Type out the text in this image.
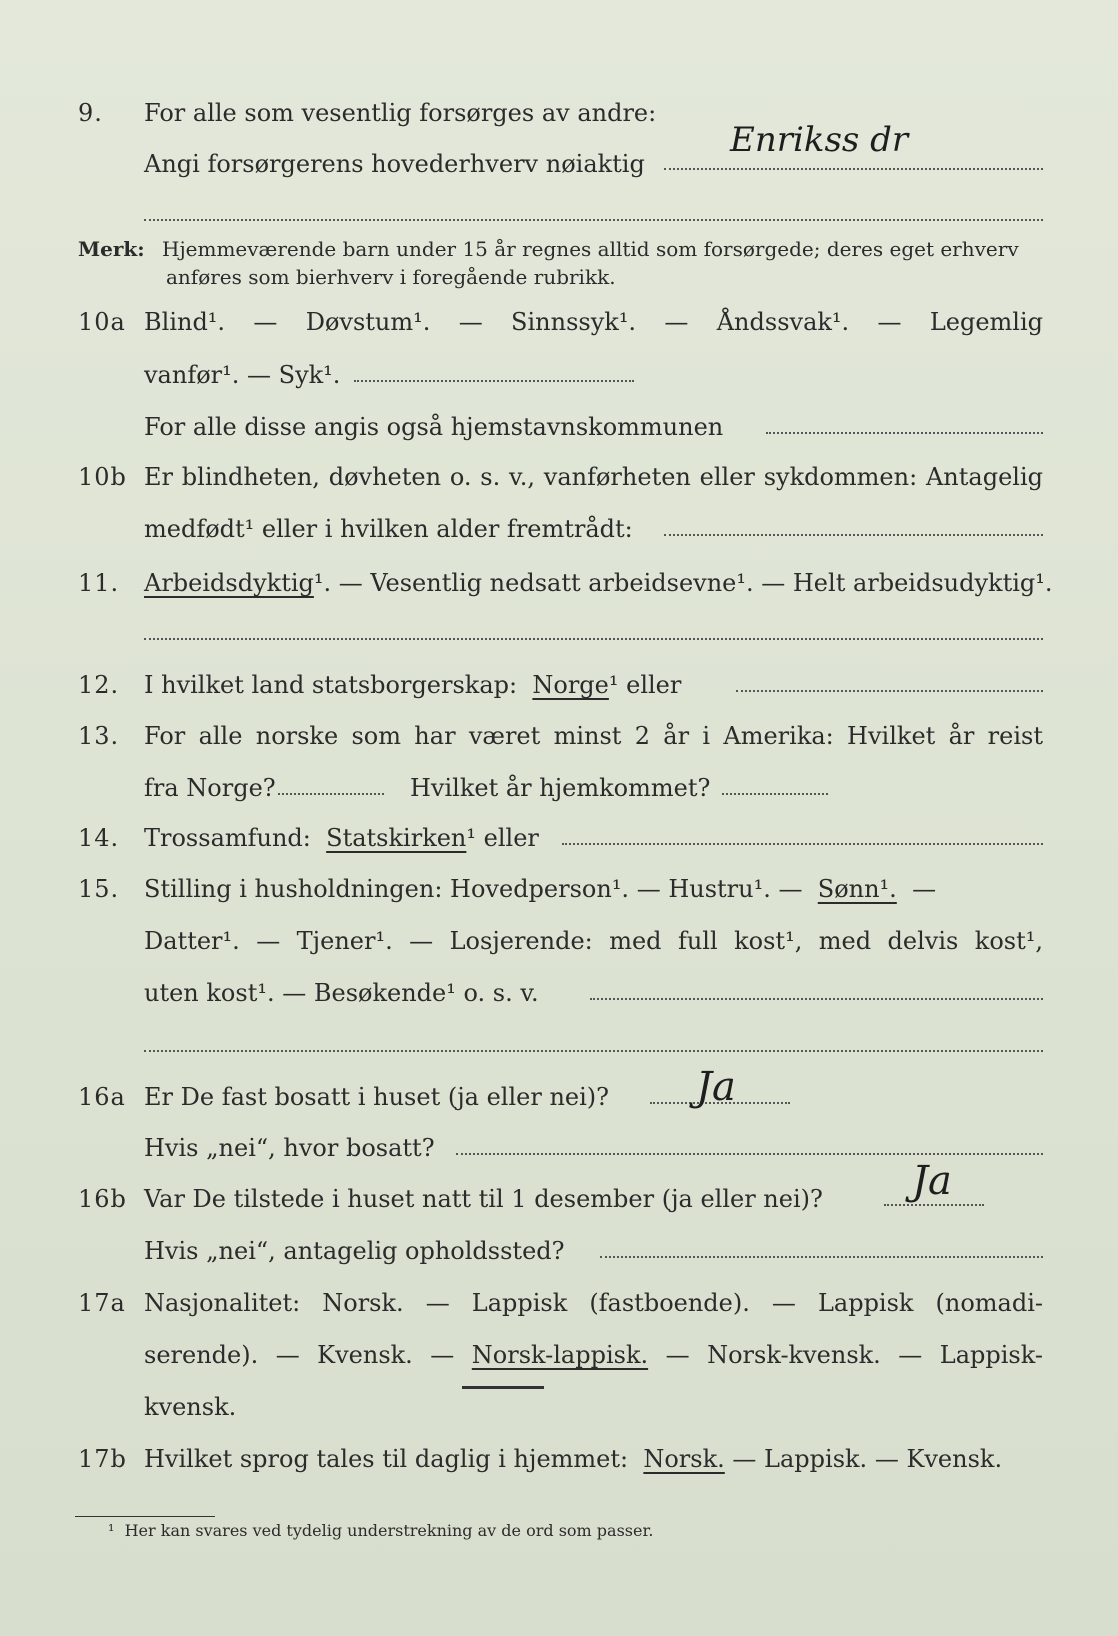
9.	For alle som vesentlig forsørges av andre:
Angi forsørgerens hovederhverv nøiaktig
Enrikss dr
Merk: Hjemmeværende barn under 15 år regnes alltid som forsørgede; deres eget erhverv
anføres som bierhverv i foregående rubrikk.
10a Blind¹. — Døvstum¹. — Sinnssyk¹. — Åndssvak¹. — Legemlig
vanfør¹. — Syk¹.
For alle disse angis også hjemstavnskommunen
10b Er blindheten, døvheten o. s. v., vanførheten eller sykdommen: Antagelig
medfødt¹ eller i hvilken alder fremtrådt:
11.	Arbeidsdyktig¹. — Vesentlig nedsatt arbeidsevne¹. — Helt arbeidsudyktig¹.
12.	I hvilket land statsborgerskap: Norge¹ eller
13.	For alle norske som har været minst 2 år i Amerika: Hvilket år reist
fra Norge?	Hvilket år hjemkommet?
14.	Trossamfund: Statskirken¹ eller
15.	Stilling i husholdningen: Hovedperson¹. — Hustru¹. — Sønn¹. —
Datter¹. — Tjener¹. — Losjerende: med full kost¹, med delvis kost¹,
uten kost¹. — Besøkende¹ o. s. v.
16a Er De fast bosatt i huset (ja eller nei)? Ja
Hvis „nei“, hvor bosatt?
16b Var De tilstede i huset natt til 1 desember (ja eller nei)? Ja
Hvis „nei“, antagelig opholdssted?
17a Nasjonalitet: Norsk. — Lappisk (fastboende). — Lappisk (nomadi-
serende). — Kvensk. — Norsk-lappisk. — Norsk-kvensk. — Lappisk-
kvensk.
17b Hvilket sprog tales til daglig i hjemmet: Norsk. — Lappisk. — Kvensk.
¹ Her kan svares ved tydelig understrekning av de ord som passer.
